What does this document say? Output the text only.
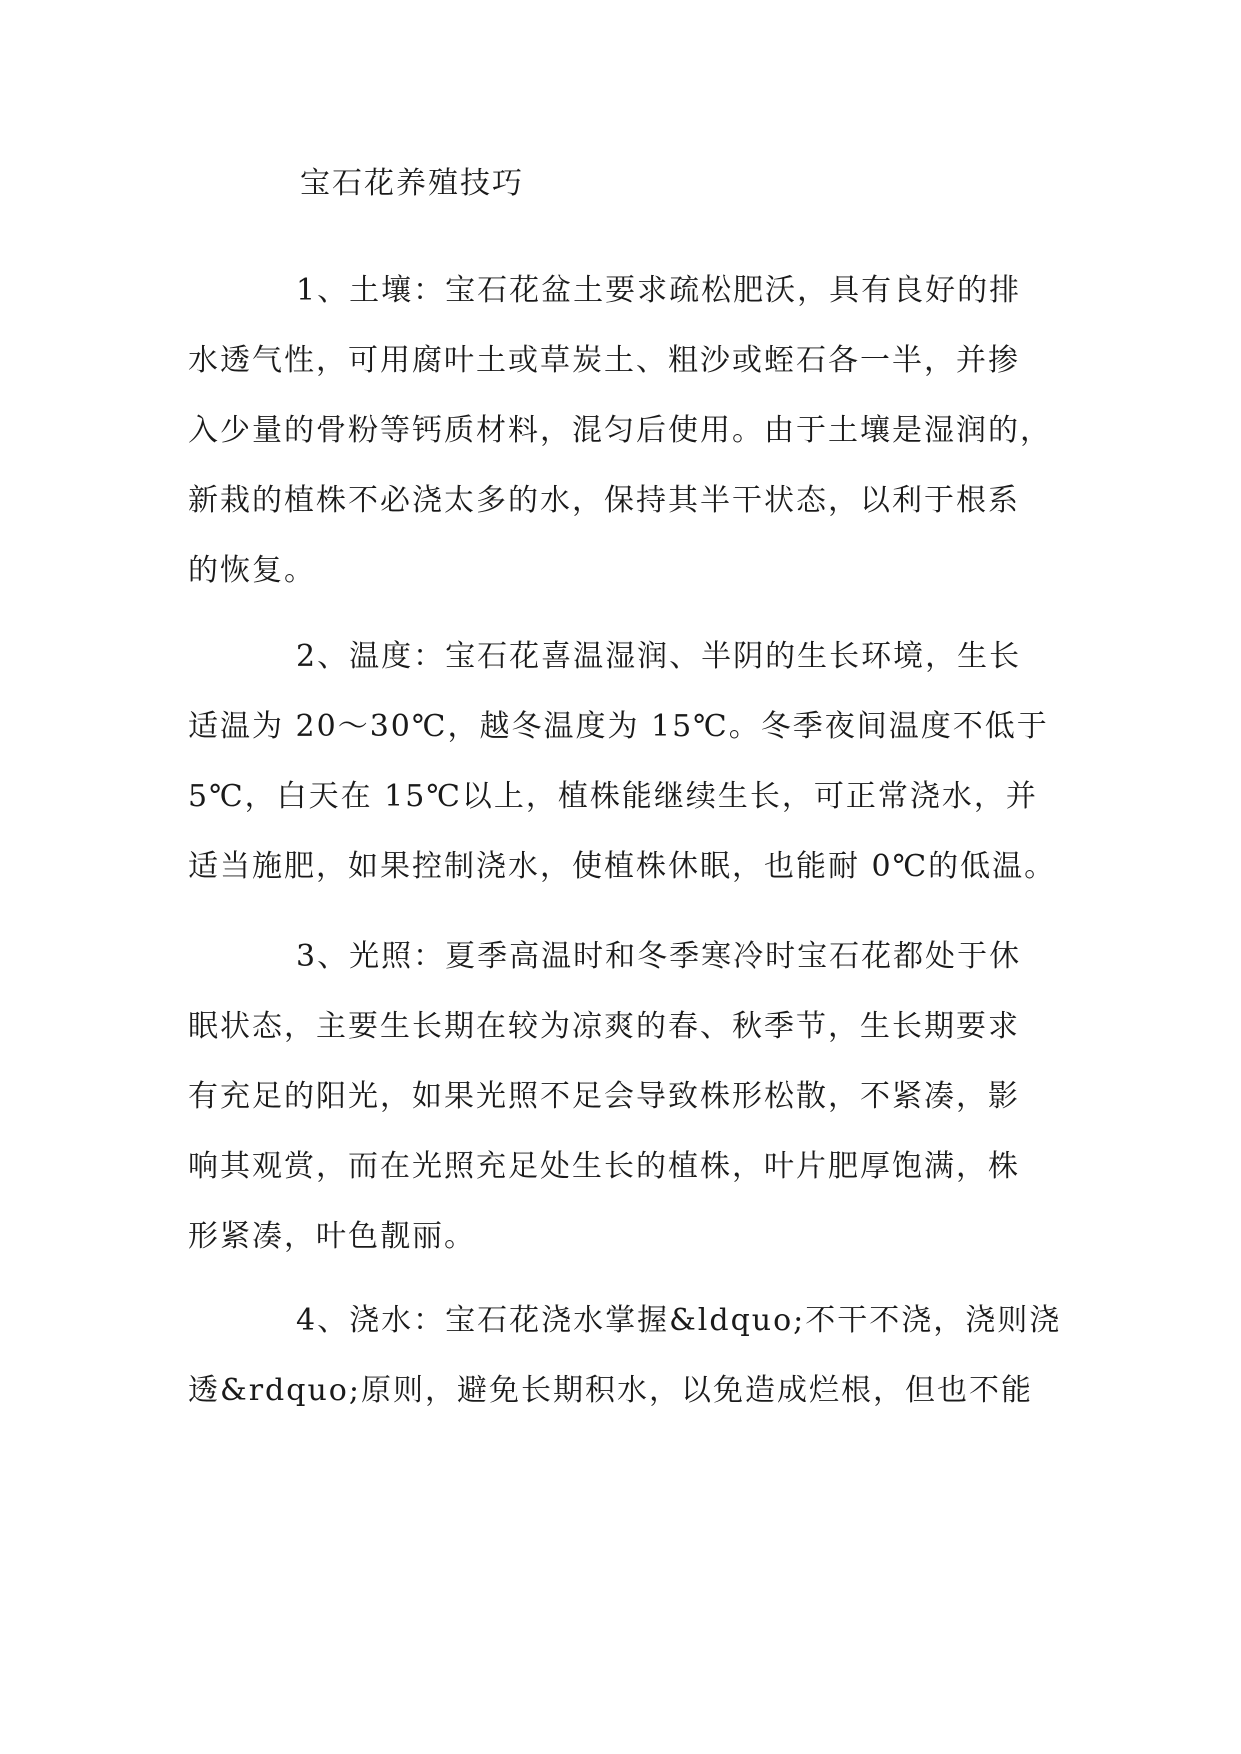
宝石花养殖技巧
1、土壤：宝石花盆土要求疏松肥沃，具有良好的排
水透气性，可用腐叶土或草炭土、粗沙或蛭石各一半，并掺
入少量的骨粉等钙质材料，混匀后使用。由于土壤是湿润的，
新栽的植株不必浇太多的水，保持其半干状态，以利于根系
的恢复。
2、温度：宝石花喜温湿润、半阴的生长环境，生长
适温为 20～30℃，越冬温度为 15℃。冬季夜间温度不低于
5℃，白天在 15℃以上，植株能继续生长，可正常浇水，并
适当施肥，如果控制浇水，使植株休眠，也能耐 0℃的低温。
3、光照：夏季高温时和冬季寒冷时宝石花都处于休
眠状态，主要生长期在较为凉爽的春、秋季节，生长期要求
有充足的阳光，如果光照不足会导致株形松散，不紧凑，影
响其观赏，而在光照充足处生长的植株，叶片肥厚饱满，株
形紧凑，叶色靓丽。
4、浇水：宝石花浇水掌握&ldquo;不干不浇，浇则浇
透&rdquo;原则，避免长期积水，以免造成烂根，但也不能
